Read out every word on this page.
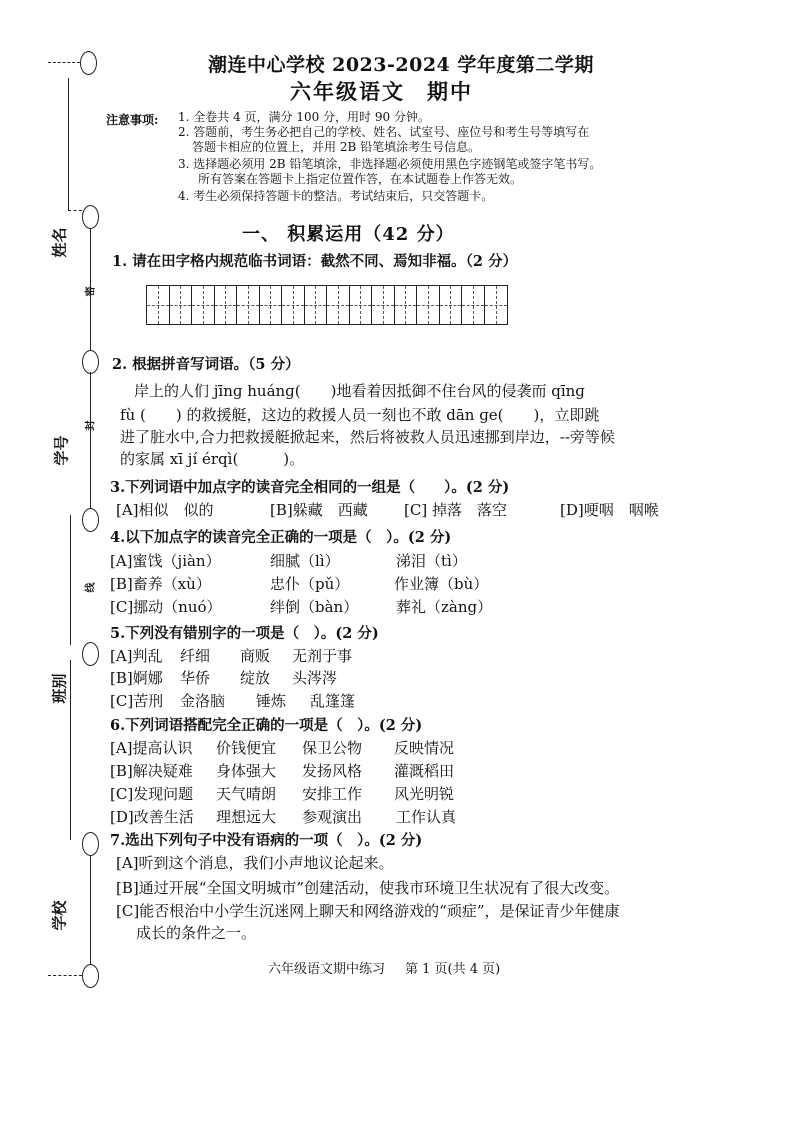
姓名
学号
班别
学校
密
封
线
潮连中心学校 2023-2024 学年度第二学期
六年级语文 期中
注意事项: 1. 全卷共 4 页，满分 100 分，用时 90 分钟。
2. 答题前，考生务必把自己的学校、姓名、试室号、座位号和考生号等填写在
答题卡相应的位置上，并用 2B 铅笔填涂考生号信息。
3. 选择题必须用 2B 铅笔填涂，非选择题必须使用黑色字迹钢笔或签字笔书写。
所有答案在答题卡上指定位置作答，在本试题卷上作答无效。
4. 考生必须保持答题卡的整洁。考试结束后，只交答题卡。
一、 积累运用（42 分）
1. 请在田字格内规范临书词语：截然不同、焉知非福。（2 分）
2. 根据拼音写词语。（5 分）
岸上的人们 jīnɡ huánɡ(　　)地看着因抵御不住台风的侵袭而 qīnɡ
fù (　　) 的救援艇，这边的救援人员一刻也不敢 dān ɡe(　　)，立即跳
进了脏水中,合力把救援艇掀起来，然后将被救人员迅速挪到岸边，--旁等候
的家属 xī jí érqì(　　　)。
3.下列词语中加点字的读音完全相同的一组是（　　）。(2 分)
[A]相似　似的	[B]躲藏　西藏 [C] 掉落　落空	[D]哽咽　咽喉
4.以下加点字的读音完全正确的一项是（　）。(2 分)
[A]蜜饯（jiàn）	细腻（lì）	涕泪（tì）
[B]畜养（xù）	忠仆（pǔ）	作业簿（bù）
[C]挪动（nuó）	绊倒（bàn）	葬礼（zàng）
5.下列没有错别字的一项是（　）。(2 分)
[A]判乱 纤细 商贩 无剂于事
[B]婀娜 华侨 绽放 头涔涔
[C]苦刑 金洛脑 锤炼 乱篷篷
6.下列词语搭配完全正确的一项是（　）。(2 分)
[A]提高认识 价钱便宜 保卫公物 反映情况
[B]解决疑难 身体强大 发扬风格 灌溉稻田
[C]发现问题 天气晴朗 安排工作 风光明锐
[D]改善生活 理想远大 参观演出 工作认真
7.选出下列句子中没有语病的一项（　）。(2 分)
[A]听到这个消息，我们小声地议论起来。
[B]通过开展“全国文明城市”创建活动，使我市环境卫生状况有了很大改变。
[C]能否根治中小学生沉迷网上聊天和网络游戏的“顽症”，是保证青少年健康
成长的条件之一。
六年级语文期中练习 第 1 页(共 4 页)
